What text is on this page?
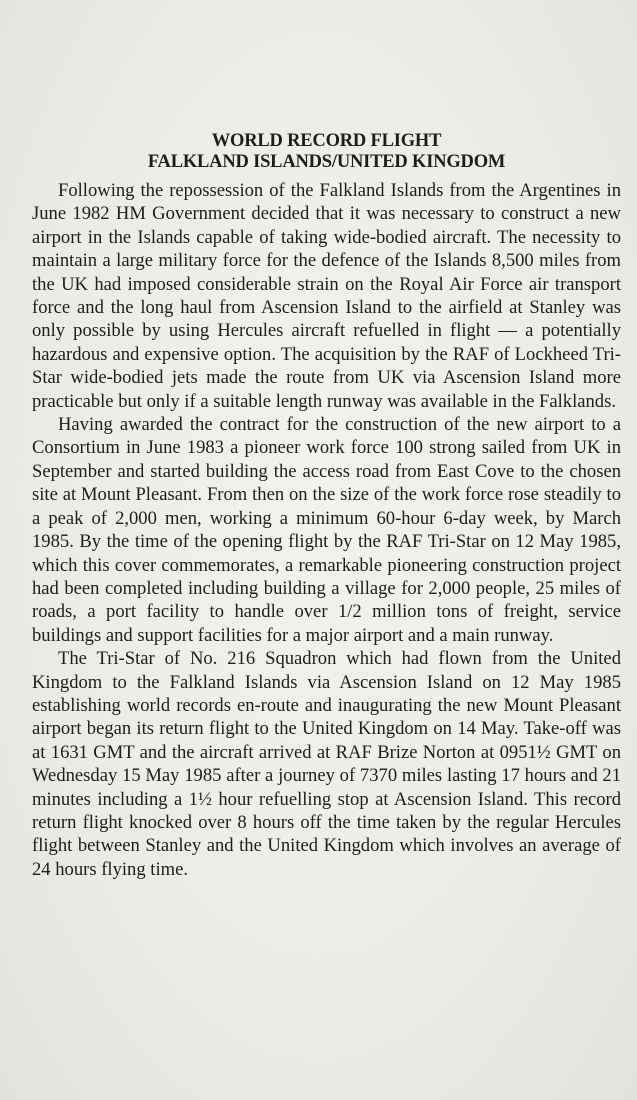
WORLD RECORD FLIGHT
FALKLAND ISLANDS/UNITED KINGDOM

Following the repossession of the Falkland Islands from the Argentines in June 1982 HM Government decided that it was necessary to construct a new airport in the Islands capable of taking wide-bodied aircraft. The necessity to maintain a large military force for the defence of the Islands 8,500 miles from the UK had imposed considerable strain on the Royal Air Force air transport force and the long haul from Ascension Island to the airfield at Stanley was only possible by using Hercules aircraft refuelled in flight — a potentially hazardous and expensive option. The acquisition by the RAF of Lockheed Tri-Star wide-bodied jets made the route from UK via Ascension Island more practicable but only if a suitable length runway was available in the Falklands.

Having awarded the contract for the construction of the new airport to a Consortium in June 1983 a pioneer work force 100 strong sailed from UK in September and started building the access road from East Cove to the chosen site at Mount Pleasant. From then on the size of the work force rose steadily to a peak of 2,000 men, working a minimum 60-hour 6-day week, by March 1985. By the time of the opening flight by the RAF Tri-Star on 12 May 1985, which this cover commemorates, a remarkable pioneering construction project had been completed including building a village for 2,000 people, 25 miles of roads, a port facility to handle over 1/2 million tons of freight, service buildings and support facilities for a major airport and a main runway.

The Tri-Star of No. 216 Squadron which had flown from the United Kingdom to the Falkland Islands via Ascension Island on 12 May 1985 establishing world records en-route and inaugurating the new Mount Pleasant airport began its return flight to the United Kingdom on 14 May. Take-off was at 1631 GMT and the aircraft arrived at RAF Brize Norton at 0951½ GMT on Wednesday 15 May 1985 after a journey of 7370 miles lasting 17 hours and 21 minutes including a 1½ hour refuelling stop at Ascension Island. This record return flight knocked over 8 hours off the time taken by the regular Hercules flight between Stanley and the United Kingdom which involves an average of 24 hours flying time.
